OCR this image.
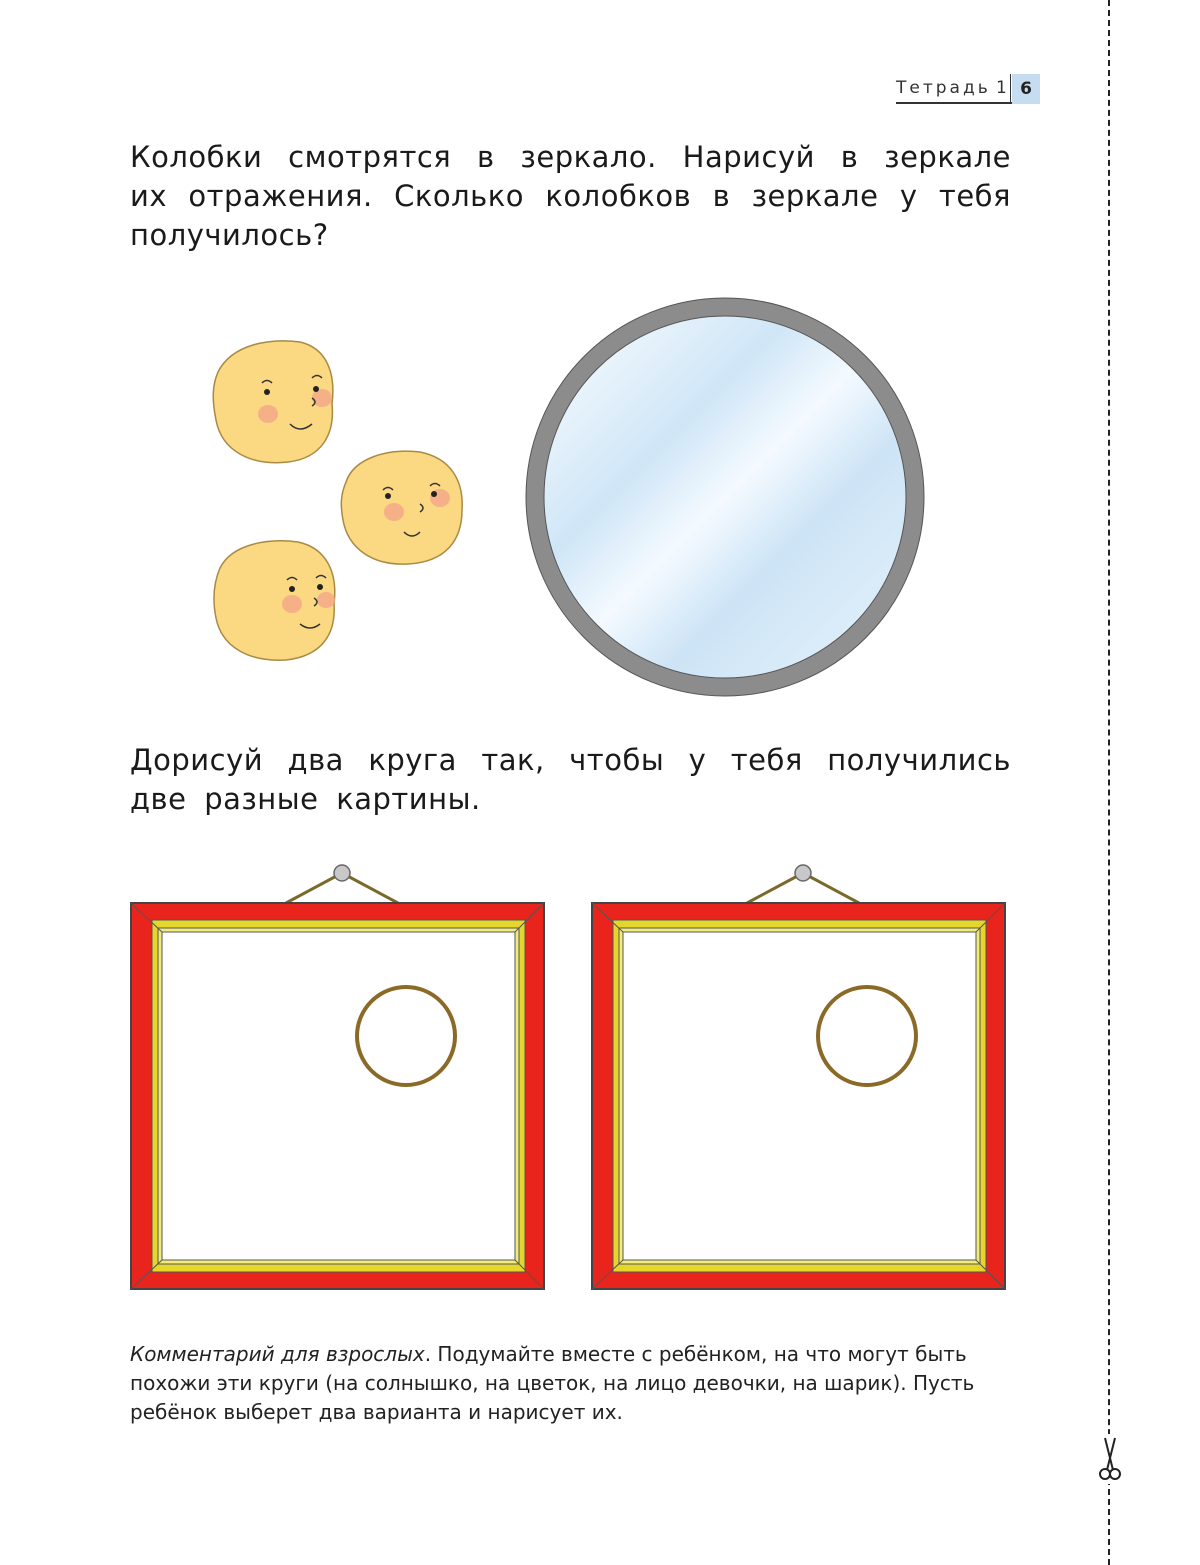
Тетрадь 1 6
Колобки смотрятся в зеркало. Нарисуй в зеркале их отражения. Сколько колобков в зеркале у тебя получилось?
Дорисуй два круга так, чтобы у тебя получились две разные картины.
Комментарий для взрослых. Подумайте вместе с ребёнком, на что могут быть похожи эти круги (на солнышко, на цветок, на лицо девочки, на шарик). Пусть ребёнок выберет два варианта и нарисует их.
